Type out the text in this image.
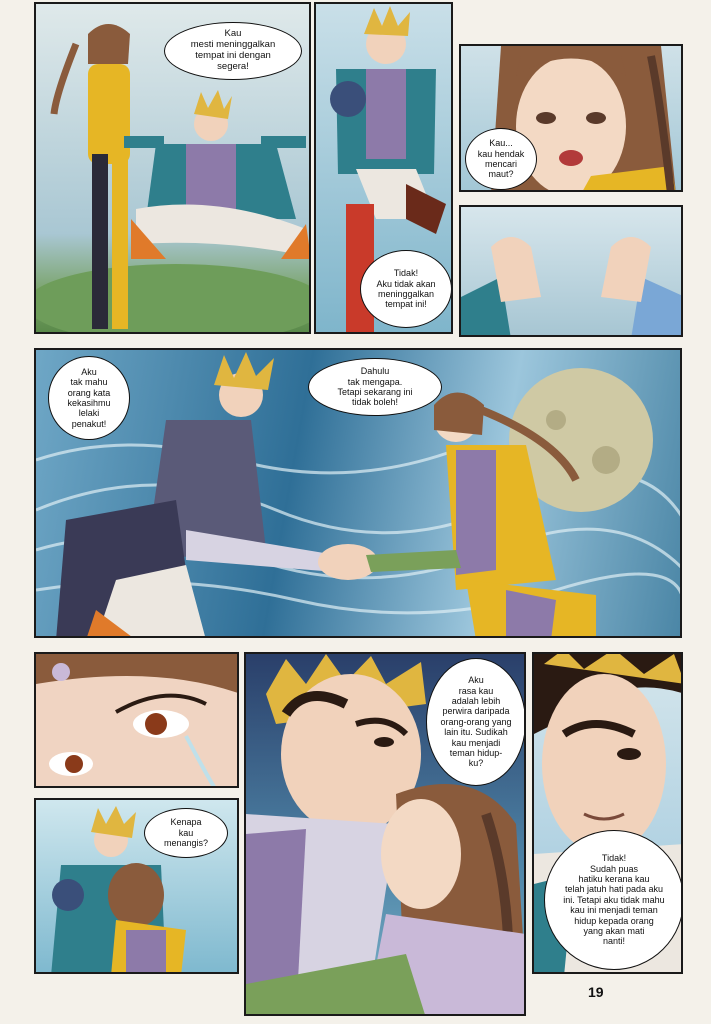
Kau
mesti meninggalkan
tempat ini dengan
segera!
Tidak!
Aku tidak akan
meninggalkan
tempat ini!
Kau...
kau hendak
mencari
maut?
Aku
tak mahu
orang kata
kekasihmu
lelaki
penakut!
Dahulu
tak mengapa.
Tetapi sekarang ini
tidak boleh!
Kenapa
kau
menangis?
Aku
rasa kau
adalah lebih
perwira daripada
orang-orang yang
lain itu. Sudikah
kau menjadi
teman hidup-
ku?
Tidak!
Sudah puas
hatiku kerana kau
telah jatuh hati pada aku
ini. Tetapi aku tidak mahu
kau ini menjadi teman
hidup kepada orang
yang akan mati
nanti!
19
